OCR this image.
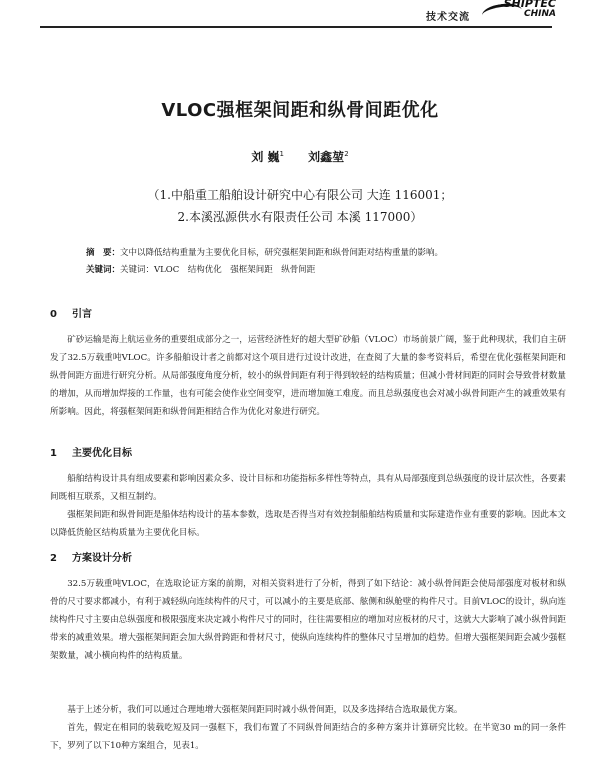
技术交流
SHIPTEC
CHINA
VLOC强框架间距和纵骨间距优化
刘 巍$^1$ 刘鑫堃$^2$
（1.中船重工船舶设计研究中心有限公司 大连 116001；
2.本溪泓源供水有限责任公司 本溪 117000）
摘　要：文中以降低结构重量为主要优化目标，研究强框架间距和纵骨间距对结构重量的影响。
关键词：关键词：VLOC　结构优化　强框架间距　纵骨间距
0 引言
矿砂运输是海上航运业务的重要组成部分之一，运营经济性好的超大型矿砂船（VLOC）市场前景广阔，鉴于此种现状，我们自主研发了32.5万载重吨VLOC。许多船舶设计者之前都对这个项目进行过设计改进，在查阅了大量的参考资料后，希望在优化强框架间距和纵骨间距方面进行研究分析。从局部强度角度分析，较小的纵骨间距有利于得到较轻的结构质量；但减小骨材间距的同时会导致骨材数量的增加，从而增加焊接的工作量，也有可能会使作业空间变窄，进而增加施工难度。而且总纵强度也会对减小纵骨间距产生的减重效果有所影响。因此，将强框架间距和纵骨间距相结合作为优化对象进行研究。
1 主要优化目标
船舶结构设计具有组成要素和影响因素众多、设计目标和功能指标多样性等特点，具有从局部强度到总纵强度的设计层次性，各要素间既相互联系，又相互制约。
强框架间距和纵骨间距是船体结构设计的基本参数，选取是否得当对有效控制船舶结构质量和实际建造作业有重要的影响。因此本文以降低货舱区结构质量为主要优化目标。
2 方案设计分析
32.5万载重吨VLOC，在选取论证方案的前期，对相关资料进行了分析，得到了如下结论：减小纵骨间距会使局部强度对板材和纵骨的尺寸要求都减小，有利于减轻纵向连续构件的尺寸，可以减小的主要是底部、舷侧和纵舱壁的构件尺寸。目前VLOC的设计，纵向连续构件尺寸主要由总纵强度和极限强度来决定减小构件尺寸的同时，往往需要相应的增加对应板材的尺寸，这就大大影响了减小纵骨间距带来的减重效果。增大强框架间距会加大纵骨跨距和骨材尺寸，使纵向连续构件的整体尺寸呈增加的趋势。但增大强框架间距会减少强框架数量，减小横向构件的结构质量。
基于上述分析，我们可以通过合理地增大强框架间距同时减小纵骨间距，以及多选择结合选取最优方案。
首先，假定在相同的装载吃短及同一强框下，我们布置了不同纵骨间距结合的多种方案并计算研究比较。在半宽30 m的同一条件下，罗列了以下10种方案组合，见表1。
